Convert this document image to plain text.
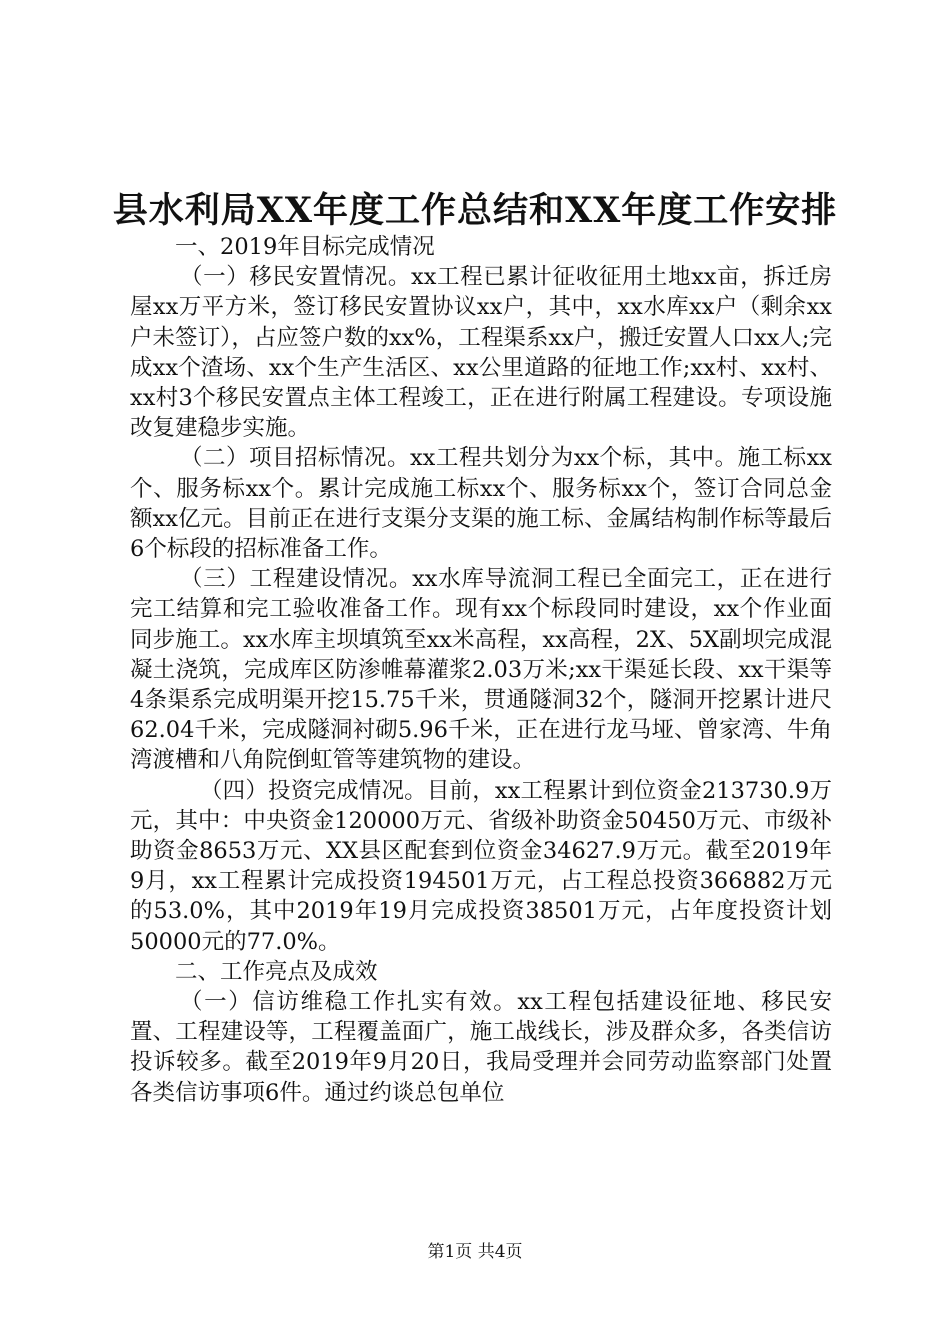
县水利局XX年度工作总结和XX年度工作安排

一、2019年目标完成情况

（一）移民安置情况。xx工程已累计征收征用土地xx亩，拆迁房屋xx万平方米，签订移民安置协议xx户，其中，xx水库xx户（剩余xx户未签订），占应签户数的xx%，工程渠系xx户，搬迁安置人口xx人;完成xx个渣场、xx个生产生活区、xx公里道路的征地工作;xx村、xx村、xx村3个移民安置点主体工程竣工，正在进行附属工程建设。专项设施改复建稳步实施。

（二）项目招标情况。xx工程共划分为xx个标，其中。施工标xx个、服务标xx个。累计完成施工标xx个、服务标xx个，签订合同总金额xx亿元。目前正在进行支渠分支渠的施工标、金属结构制作标等最后6个标段的招标准备工作。

（三）工程建设情况。xx水库导流洞工程已全面完工，正在进行完工结算和完工验收准备工作。现有xx个标段同时建设，xx个作业面同步施工。xx水库主坝填筑至xx米高程，xx高程，2X、5X副坝完成混凝土浇筑，完成库区防渗帷幕灌浆2.03万米;xx干渠延长段、xx干渠等4条渠系完成明渠开挖15.75千米，贯通隧洞32个，隧洞开挖累计进尺62.04千米，完成隧洞衬砌5.96千米，正在进行龙马垭、曾家湾、牛角湾渡槽和八角院倒虹管等建筑物的建设。

（四）投资完成情况。目前，xx工程累计到位资金213730.9万元，其中：中央资金120000万元、省级补助资金50450万元、市级补助资金8653万元、XX县区配套到位资金34627.9万元。截至2019年9月，xx工程累计完成投资194501万元，占工程总投资366882万元的53.0%，其中2019年19月完成投资38501万元，占年度投资计划50000元的77.0%。

二、工作亮点及成效

（一）信访维稳工作扎实有效。xx工程包括建设征地、移民安置、工程建设等，工程覆盖面广，施工战线长，涉及群众多，各类信访投诉较多。截至2019年9月20日，我局受理并会同劳动监察部门处置各类信访事项6件。通过约谈总包单位

第1页 共4页
